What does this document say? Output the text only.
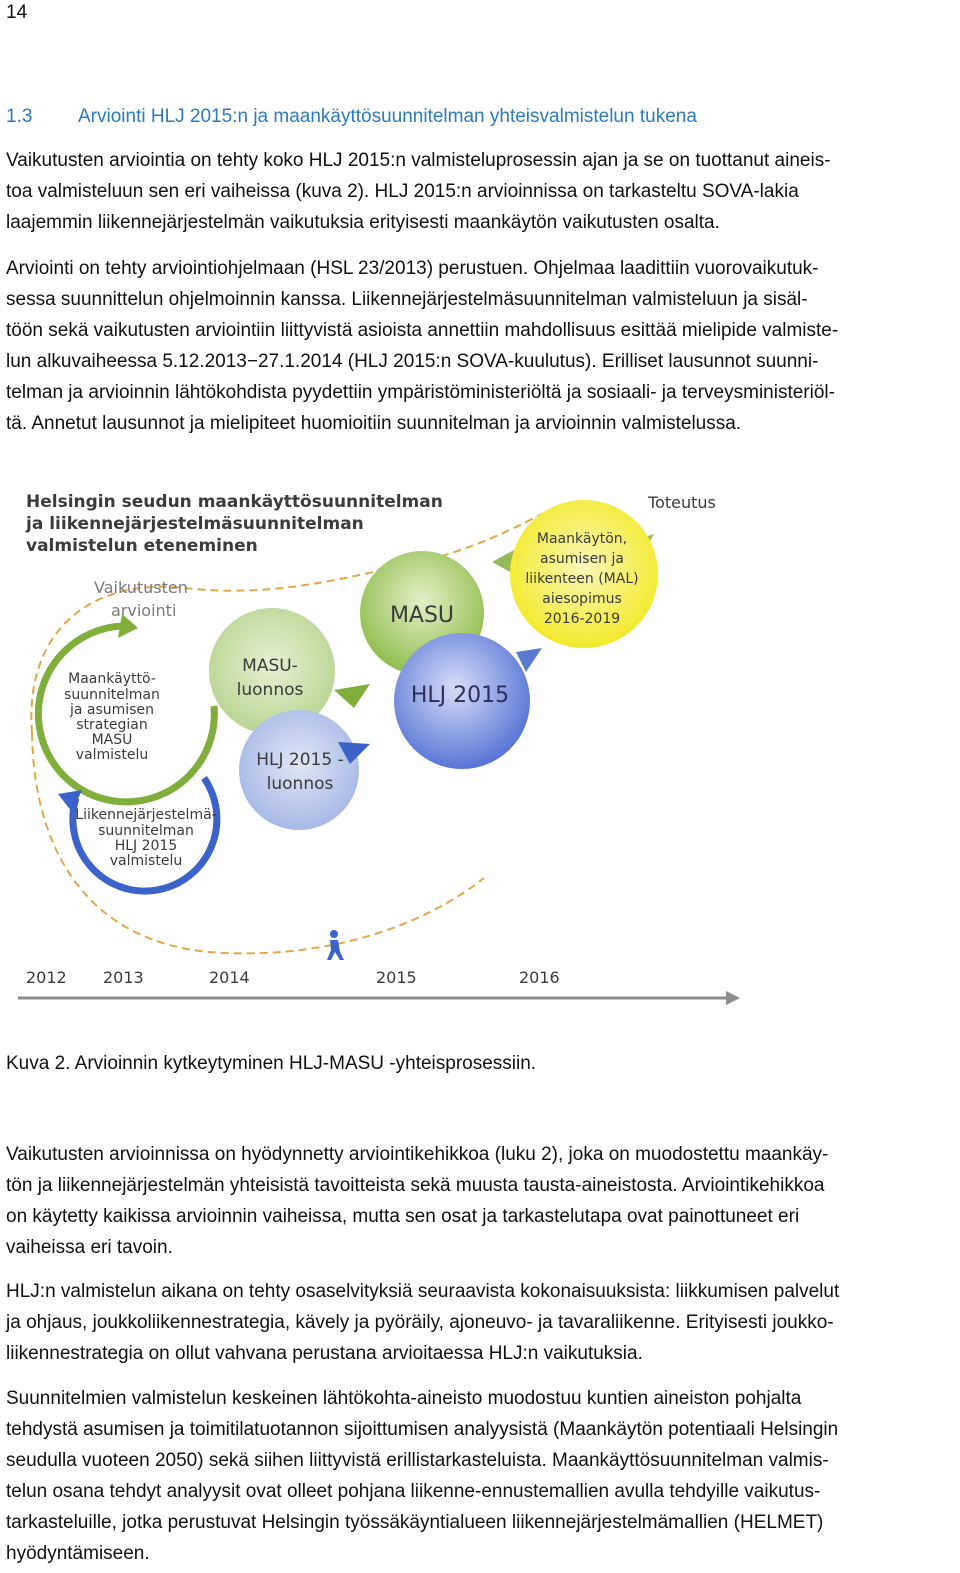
14
1.3 Arviointi HLJ 2015:n ja maankäyttösuunnitelman yhteisvalmistelun tukena
Vaikutusten arviointia on tehty koko HLJ 2015:n valmisteluprosessin ajan ja se on tuottanut aineis-
toa valmisteluun sen eri vaiheissa (kuva 2). HLJ 2015:n arvioinnissa on tarkasteltu SOVA-lakia
laajemmin liikennejärjestelmän vaikutuksia erityisesti maankäytön vaikutusten osalta.
Arviointi on tehty arviointiohjelmaan (HSL 23/2013) perustuen. Ohjelmaa laadittiin vuorovaikutuk-
sessa suunnittelun ohjelmoinnin kanssa. Liikennejärjestelmäsuunnitelman valmisteluun ja sisäl-
töön sekä vaikutusten arviointiin liittyvistä asioista annettiin mahdollisuus esittää mielipide valmiste-
lun alkuvaiheessa 5.12.2013−27.1.2014 (HLJ 2015:n SOVA-kuulutus). Erilliset lausunnot suunni-
telman ja arvioinnin lähtökohdista pyydettiin ympäristöministeriöltä ja sosiaali- ja terveysministeriöl-
tä. Annetut lausunnot ja mielipiteet huomioitiin suunnitelman ja arvioinnin valmistelussa.
Helsingin seudun maankäyttösuunnitelman
ja liikennejärjestelmäsuunnitelman
valmistelun eteneminen
Toteutus
Vaikutusten
arviointi
Maankäyttö-
suunnitelman
ja asumisen
strategian
MASU
valmistelu
Liikennejärjestelmä-
suunnitelman
HLJ 2015
valmistelu
MASU-
luonnos
HLJ 2015 -
luonnos
MASU
HLJ 2015
Maankäytön,
asumisen ja
liikenteen (MAL)
aiesopimus
2016-2019
2012 2013	2014	2015	2016
Kuva 2. Arvioinnin kytkeytyminen HLJ-MASU -yhteisprosessiin.
Vaikutusten arvioinnissa on hyödynnetty arviointikehikkoa (luku 2), joka on muodostettu maankäy-
tön ja liikennejärjestelmän yhteisistä tavoitteista sekä muusta tausta-aineistosta. Arviointikehikkoa
on käytetty kaikissa arvioinnin vaiheissa, mutta sen osat ja tarkastelutapa ovat painottuneet eri
vaiheissa eri tavoin.
HLJ:n valmistelun aikana on tehty osaselvityksiä seuraavista kokonaisuuksista: liikkumisen palvelut
ja ohjaus, joukkoliikennestrategia, kävely ja pyöräily, ajoneuvo- ja tavaraliikenne. Erityisesti joukko-
liikennestrategia on ollut vahvana perustana arvioitaessa HLJ:n vaikutuksia.
Suunnitelmien valmistelun keskeinen lähtökohta-aineisto muodostuu kuntien aineiston pohjalta
tehdystä asumisen ja toimitilatuotannon sijoittumisen analyysistä (Maankäytön potentiaali Helsingin
seudulla vuoteen 2050) sekä siihen liittyvistä erillistarkasteluista. Maankäyttösuunnitelman valmis-
telun osana tehdyt analyysit ovat olleet pohjana liikenne-ennustemallien avulla tehdyille vaikutus-
tarkasteluille, jotka perustuvat Helsingin työssäkäyntialueen liikennejärjestelmämallien (HELMET)
hyödyntämiseen.
